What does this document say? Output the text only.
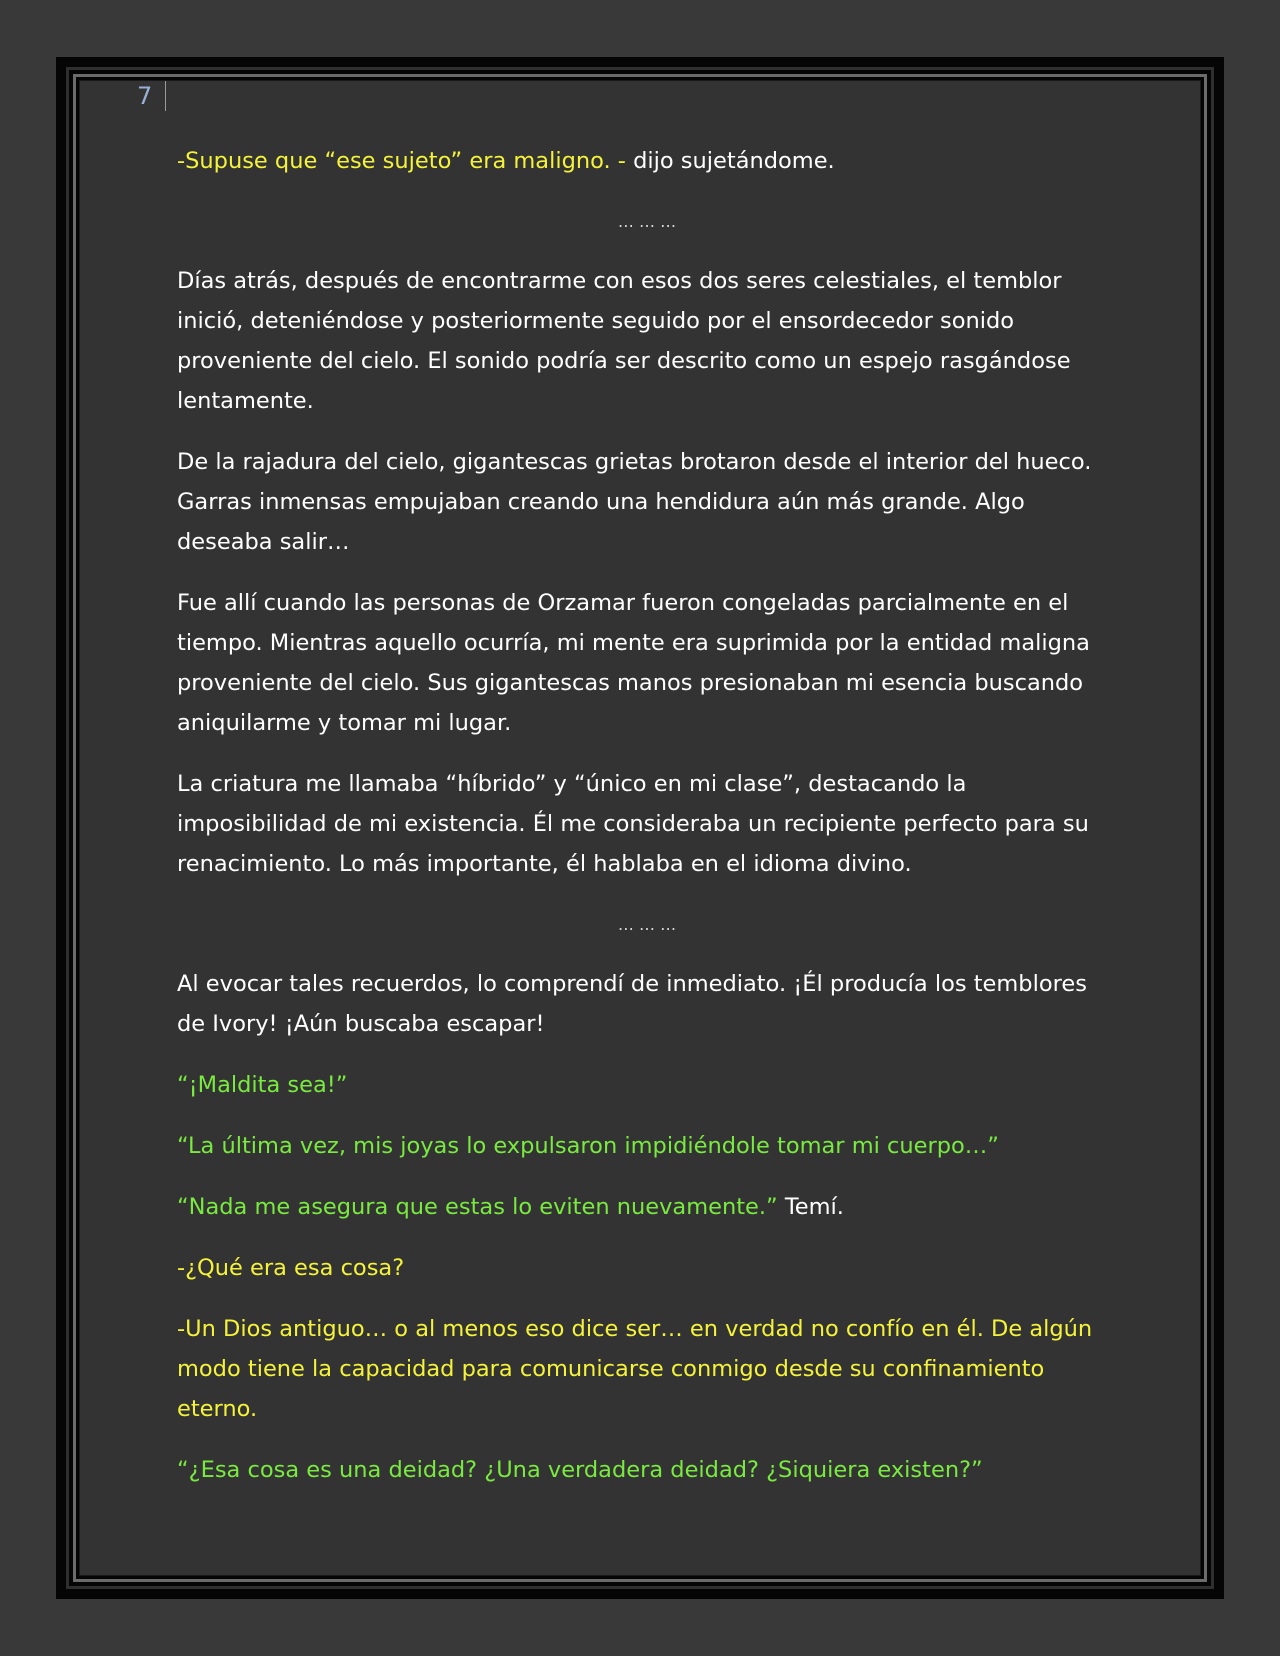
7

-Supuse que “ese sujeto” era maligno. - dijo sujetándome.

… … …

Días atrás, después de encontrarme con esos dos seres celestiales, el temblor inició, deteniéndose y posteriormente seguido por el ensordecedor sonido proveniente del cielo. El sonido podría ser descrito como un espejo rasgándose lentamente.

De la rajadura del cielo, gigantescas grietas brotaron desde el interior del hueco. Garras inmensas empujaban creando una hendidura aún más grande. Algo deseaba salir…

Fue allí cuando las personas de Orzamar fueron congeladas parcialmente en el tiempo. Mientras aquello ocurría, mi mente era suprimida por la entidad maligna proveniente del cielo. Sus gigantescas manos presionaban mi esencia buscando aniquilarme y tomar mi lugar.

La criatura me llamaba “híbrido” y “único en mi clase”, destacando la imposibilidad de mi existencia. Él me consideraba un recipiente perfecto para su renacimiento. Lo más importante, él hablaba en el idioma divino.

… … …

Al evocar tales recuerdos, lo comprendí de inmediato. ¡Él producía los temblores de Ivory! ¡Aún buscaba escapar!

“¡Maldita sea!”

“La última vez, mis joyas lo expulsaron impidiéndole tomar mi cuerpo…”

“Nada me asegura que estas lo eviten nuevamente.” Temí.

-¿Qué era esa cosa?

-Un Dios antiguo… o al menos eso dice ser… en verdad no confío en él. De algún modo tiene la capacidad para comunicarse conmigo desde su confinamiento eterno.

“¿Esa cosa es una deidad? ¿Una verdadera deidad? ¿Siquiera existen?”
